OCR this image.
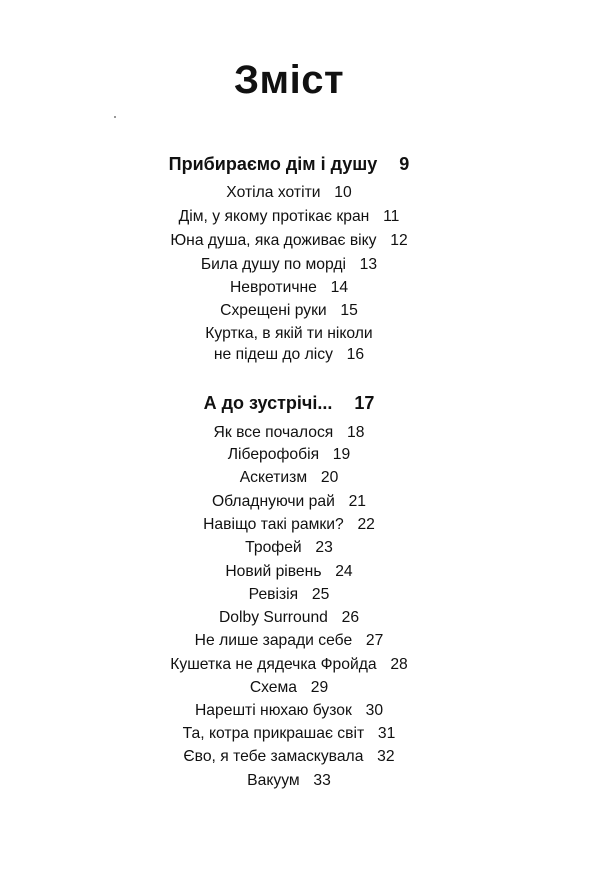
Зміст
Прибираємо дім і душу 9
Хотіла хотіти 10
Дім, у якому протікає кран 11
Юна душа, яка доживає віку 12
Била душу по морді 13
Невротичне 14
Схрещені руки 15
Куртка, в якій ти ніколи
не підеш до лісу 16
А до зустрічі... 17
Як все почалося 18
Ліберофобія 19
Аскетизм 20
Обладнуючи рай 21
Навіщо такі рамки? 22
Трофей 23
Новий рівень 24
Ревізія 25
Dolby Surround 26
Не лише заради себе 27
Кушетка не дядечка Фройда 28
Схема 29
Нарешті нюхаю бузок 30
Та, котра прикрашає світ 31
Єво, я тебе замаскувала 32
Вакуум 33
